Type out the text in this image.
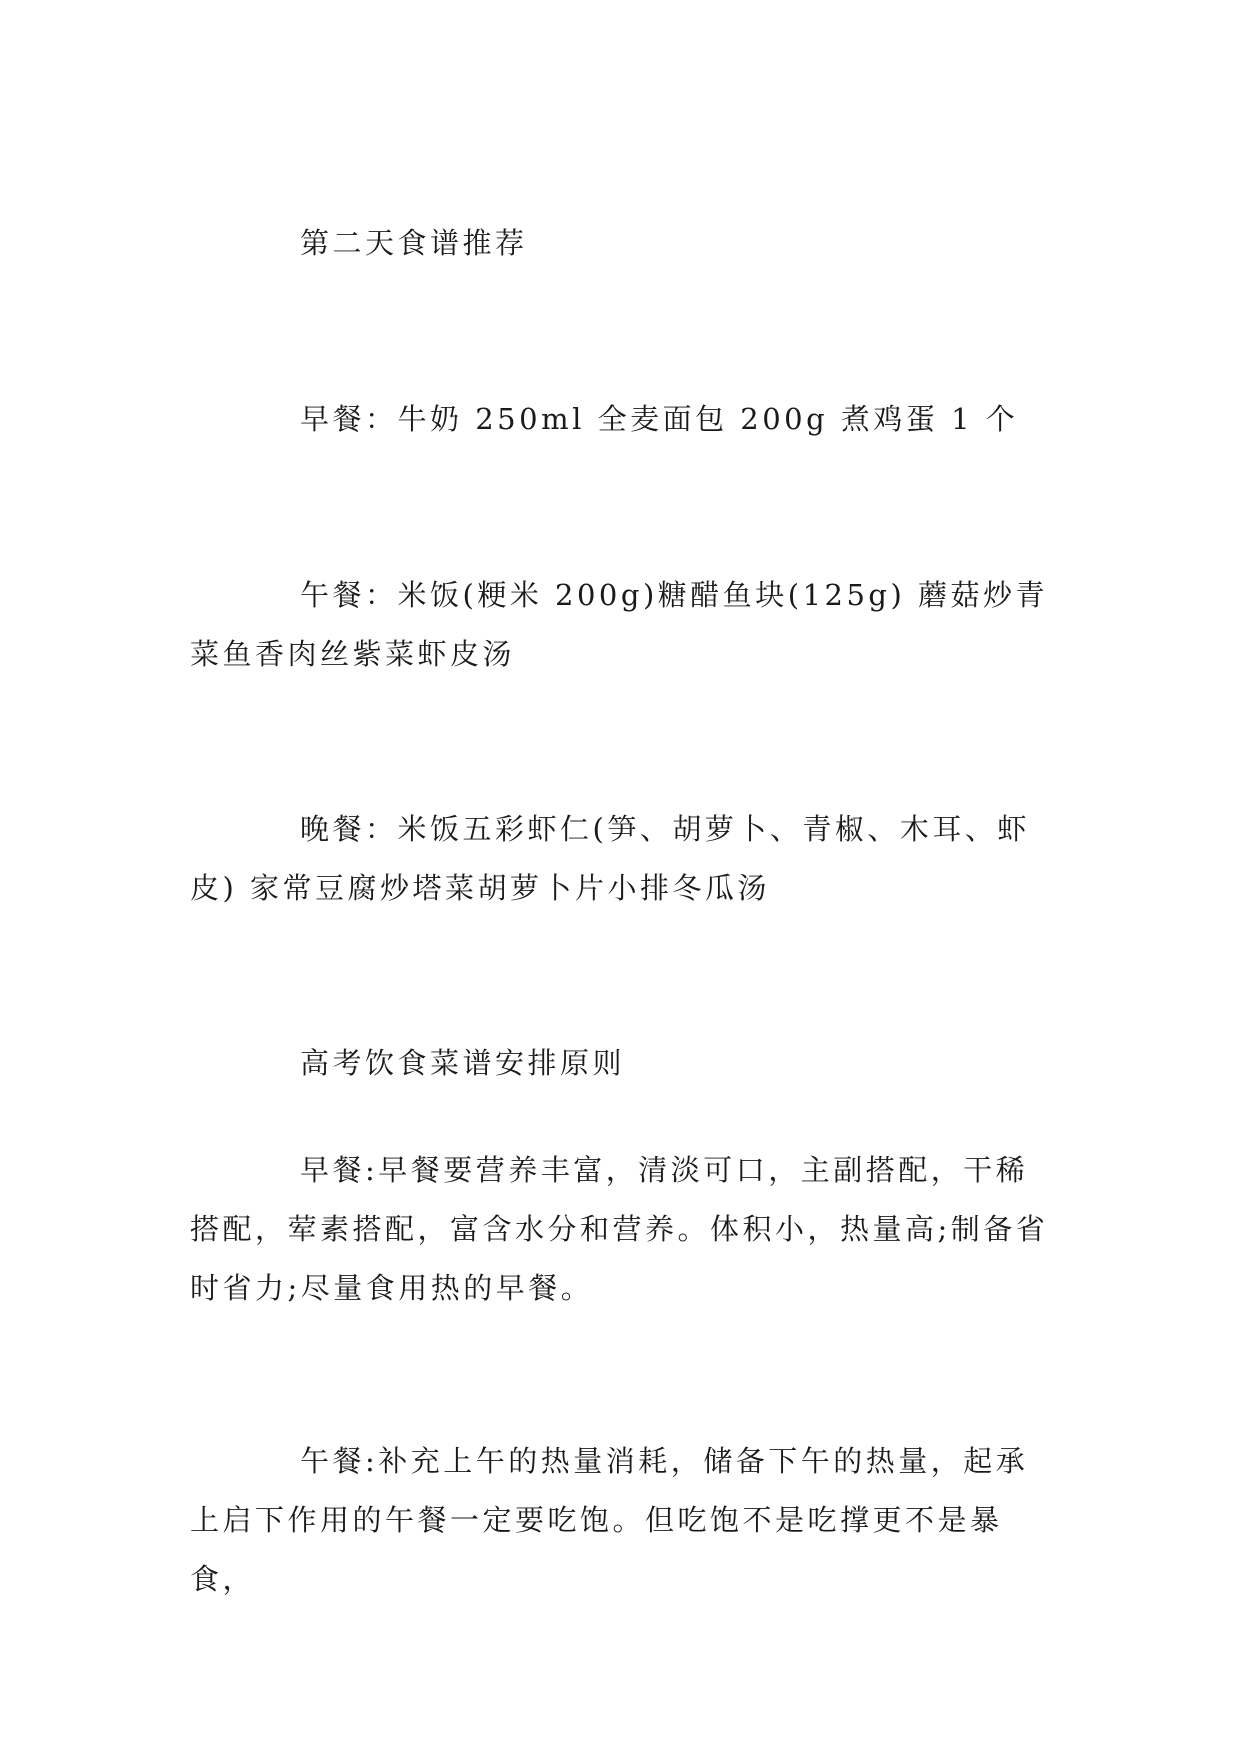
第二天食谱推荐

早餐：牛奶 250ml 全麦面包 200g 煮鸡蛋 1 个

午餐：米饭(粳米 200g)糖醋鱼块(125g) 蘑菇炒青菜鱼香肉丝紫菜虾皮汤

晚餐：米饭五彩虾仁(笋、胡萝卜、青椒、木耳、虾皮) 家常豆腐炒塔菜胡萝卜片小排冬瓜汤

高考饮食菜谱安排原则

早餐:早餐要营养丰富，清淡可口，主副搭配，干稀搭配，荤素搭配，富含水分和营养。体积小，热量高;制备省时省力;尽量食用热的早餐。

午餐:补充上午的热量消耗，储备下午的热量，起承上启下作用的午餐一定要吃饱。但吃饱不是吃撑更不是暴食，
